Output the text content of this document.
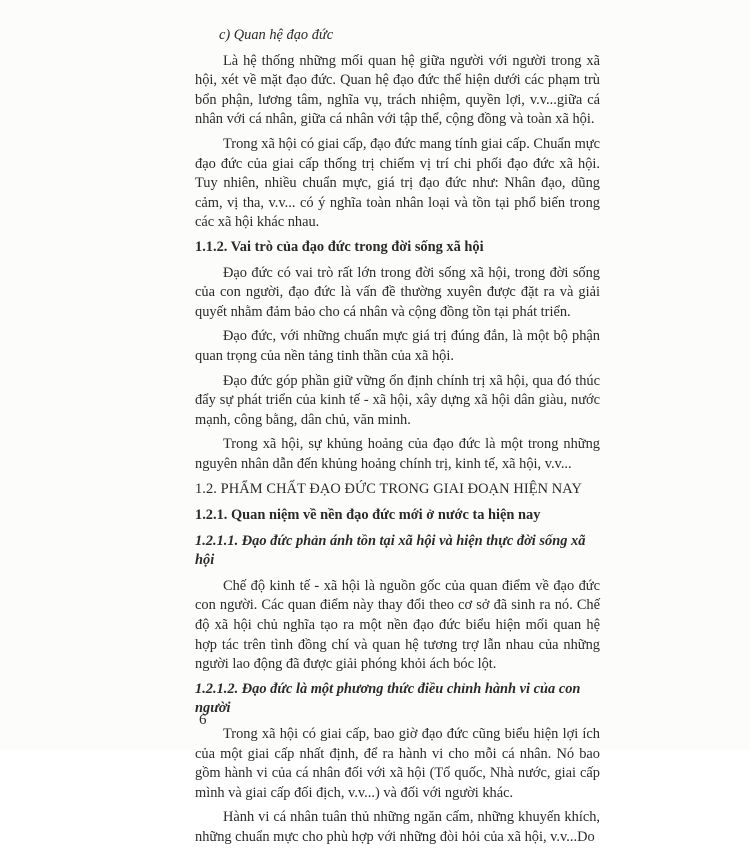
c) Quan hệ đạo đức

Là hệ thống những mối quan hệ giữa người với người trong xã hội, xét về mặt đạo đức. Quan hệ đạo đức thể hiện dưới các phạm trù bổn phận, lương tâm, nghĩa vụ, trách nhiệm, quyền lợi, v.v...giữa cá nhân với cá nhân, giữa cá nhân với tập thể, cộng đồng và toàn xã hội.

Trong xã hội có giai cấp, đạo đức mang tính giai cấp. Chuẩn mực đạo đức của giai cấp thống trị chiếm vị trí chi phối đạo đức xã hội. Tuy nhiên, nhiều chuẩn mực, giá trị đạo đức như: Nhân đạo, dũng cảm, vị tha, v.v... có ý nghĩa toàn nhân loại và tồn tại phổ biến trong các xã hội khác nhau.

1.1.2. Vai trò của đạo đức trong đời sống xã hội

Đạo đức có vai trò rất lớn trong đời sống xã hội, trong đời sống của con người, đạo đức là vấn đề thường xuyên được đặt ra và giải quyết nhằm đảm bảo cho cá nhân và cộng đồng tồn tại phát triển.

Đạo đức, với những chuẩn mực giá trị đúng đắn, là một bộ phận quan trọng của nền tảng tinh thần của xã hội.

Đạo đức góp phần giữ vững ổn định chính trị xã hội, qua đó thúc đẩy sự phát triển của kinh tế - xã hội, xây dựng xã hội dân giàu, nước mạnh, công bằng, dân chủ, văn minh.

Trong xã hội, sự khủng hoảng của đạo đức là một trong những nguyên nhân dẫn đến khủng hoảng chính trị, kinh tế, xã hội, v.v...

1.2. PHẨM CHẤT ĐẠO ĐỨC TRONG GIAI ĐOẠN HIỆN NAY
1.2.1. Quan niệm về nền đạo đức mới ở nước ta hiện nay
1.2.1.1. Đạo đức phản ánh tồn tại xã hội và hiện thực đời sống xã hội

Chế độ kinh tế - xã hội là nguồn gốc của quan điểm về đạo đức con người. Các quan điểm này thay đổi theo cơ sở đã sinh ra nó. Chế độ xã hội chủ nghĩa tạo ra một nền đạo đức biểu hiện mối quan hệ hợp tác trên tình đồng chí và quan hệ tương trợ lẫn nhau của những người lao động đã được giải phóng khỏi ách bóc lột.

1.2.1.2. Đạo đức là một phương thức điều chỉnh hành vi của con người

Trong xã hội có giai cấp, bao giờ đạo đức cũng biểu hiện lợi ích của một giai cấp nhất định, để ra hành vi cho mỗi cá nhân. Nó bao gồm hành vi của cá nhân đối với xã hội (Tổ quốc, Nhà nước, giai cấp mình và giai cấp đối địch, v.v...) và đối với người khác.

Hành vi cá nhân tuân thủ những ngăn cấm, những khuyến khích, những chuẩn mực cho phù hợp với những đòi hỏi của xã hội, v.v...Do

6
